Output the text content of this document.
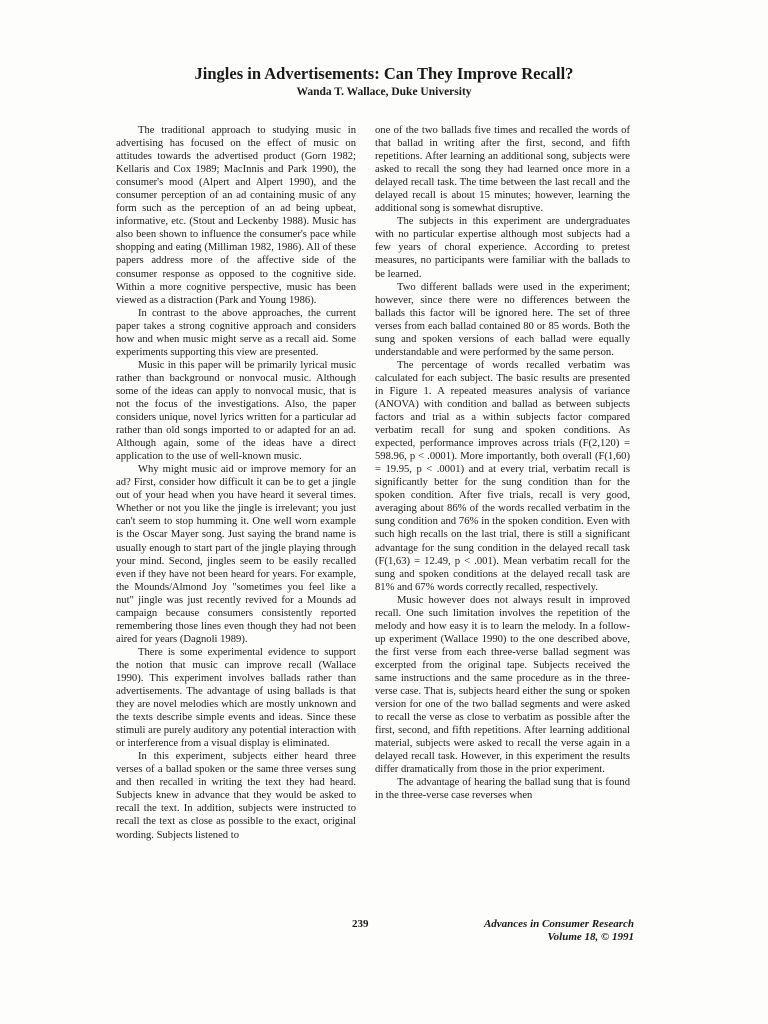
Jingles in Advertisements: Can They Improve Recall?
Wanda T. Wallace, Duke University

The traditional approach to studying music in advertising has focused on the effect of music on attitudes towards the advertised product (Gorn 1982; Kellaris and Cox 1989; MacInnis and Park 1990), the consumer's mood (Alpert and Alpert 1990), and the consumer perception of an ad containing music of any form such as the perception of an ad being upbeat, informative, etc. (Stout and Leckenby 1988). Music has also been shown to influence the consumer's pace while shopping and eating (Milliman 1982, 1986). All of these papers address more of the affective side of the consumer response as opposed to the cognitive side. Within a more cognitive perspective, music has been viewed as a distraction (Park and Young 1986).

In contrast to the above approaches, the current paper takes a strong cognitive approach and considers how and when music might serve as a recall aid. Some experiments supporting this view are presented.

Music in this paper will be primarily lyrical music rather than background or nonvocal music. Although some of the ideas can apply to nonvocal music, that is not the focus of the investigations. Also, the paper considers unique, novel lyrics written for a particular ad rather than old songs imported to or adapted for an ad. Although again, some of the ideas have a direct application to the use of well-known music.

Why might music aid or improve memory for an ad? First, consider how difficult it can be to get a jingle out of your head when you have heard it several times. Whether or not you like the jingle is irrelevant; you just can't seem to stop humming it. One well worn example is the Oscar Mayer song. Just saying the brand name is usually enough to start part of the jingle playing through your mind. Second, jingles seem to be easily recalled even if they have not been heard for years. For example, the Mounds/Almond Joy "sometimes you feel like a nut" jingle was just recently revived for a Mounds ad campaign because consumers consistently reported remembering those lines even though they had not been aired for years (Dagnoli 1989).

There is some experimental evidence to support the notion that music can improve recall (Wallace 1990). This experiment involves ballads rather than advertisements. The advantage of using ballads is that they are novel melodies which are mostly unknown and the texts describe simple events and ideas. Since these stimuli are purely auditory any potential interaction with or interference from a visual display is eliminated.

In this experiment, subjects either heard three verses of a ballad spoken or the same three verses sung and then recalled in writing the text they had heard. Subjects knew in advance that they would be asked to recall the text. In addition, subjects were instructed to recall the text as close as possible to the exact, original wording. Subjects listened to

one of the two ballads five times and recalled the words of that ballad in writing after the first, second, and fifth repetitions. After learning an additional song, subjects were asked to recall the song they had learned once more in a delayed recall task. The time between the last recall and the delayed recall is about 15 minutes; however, learning the additional song is somewhat disruptive.

The subjects in this experiment are undergraduates with no particular expertise although most subjects had a few years of choral experience. According to pretest measures, no participants were familiar with the ballads to be learned.

Two different ballads were used in the experiment; however, since there were no differences between the ballads this factor will be ignored here. The set of three verses from each ballad contained 80 or 85 words. Both the sung and spoken versions of each ballad were equally understandable and were performed by the same person.

The percentage of words recalled verbatim was calculated for each subject. The basic results are presented in Figure 1. A repeated measures analysis of variance (ANOVA) with condition and ballad as between subjects factors and trial as a within subjects factor compared verbatim recall for sung and spoken conditions. As expected, performance improves across trials (F(2,120) = 598.96, p < .0001). More importantly, both overall (F(1,60) = 19.95, p < .0001) and at every trial, verbatim recall is significantly better for the sung condition than for the spoken condition. After five trials, recall is very good, averaging about 86% of the words recalled verbatim in the sung condition and 76% in the spoken condition. Even with such high recalls on the last trial, there is still a significant advantage for the sung condition in the delayed recall task (F(1,63) = 12.49, p < .001). Mean verbatim recall for the sung and spoken conditions at the delayed recall task are 81% and 67% words correctly recalled, respectively.

Music however does not always result in improved recall. One such limitation involves the repetition of the melody and how easy it is to learn the melody. In a follow-up experiment (Wallace 1990) to the one described above, the first verse from each three-verse ballad segment was excerpted from the original tape. Subjects received the same instructions and the same procedure as in the three-verse case. That is, subjects heard either the sung or spoken version for one of the two ballad segments and were asked to recall the verse as close to verbatim as possible after the first, second, and fifth repetitions. After learning additional material, subjects were asked to recall the verse again in a delayed recall task. However, in this experiment the results differ dramatically from those in the prior experiment.

The advantage of hearing the ballad sung that is found in the three-verse case reverses when

239	Advances in Consumer Research
Volume 18, © 1991
